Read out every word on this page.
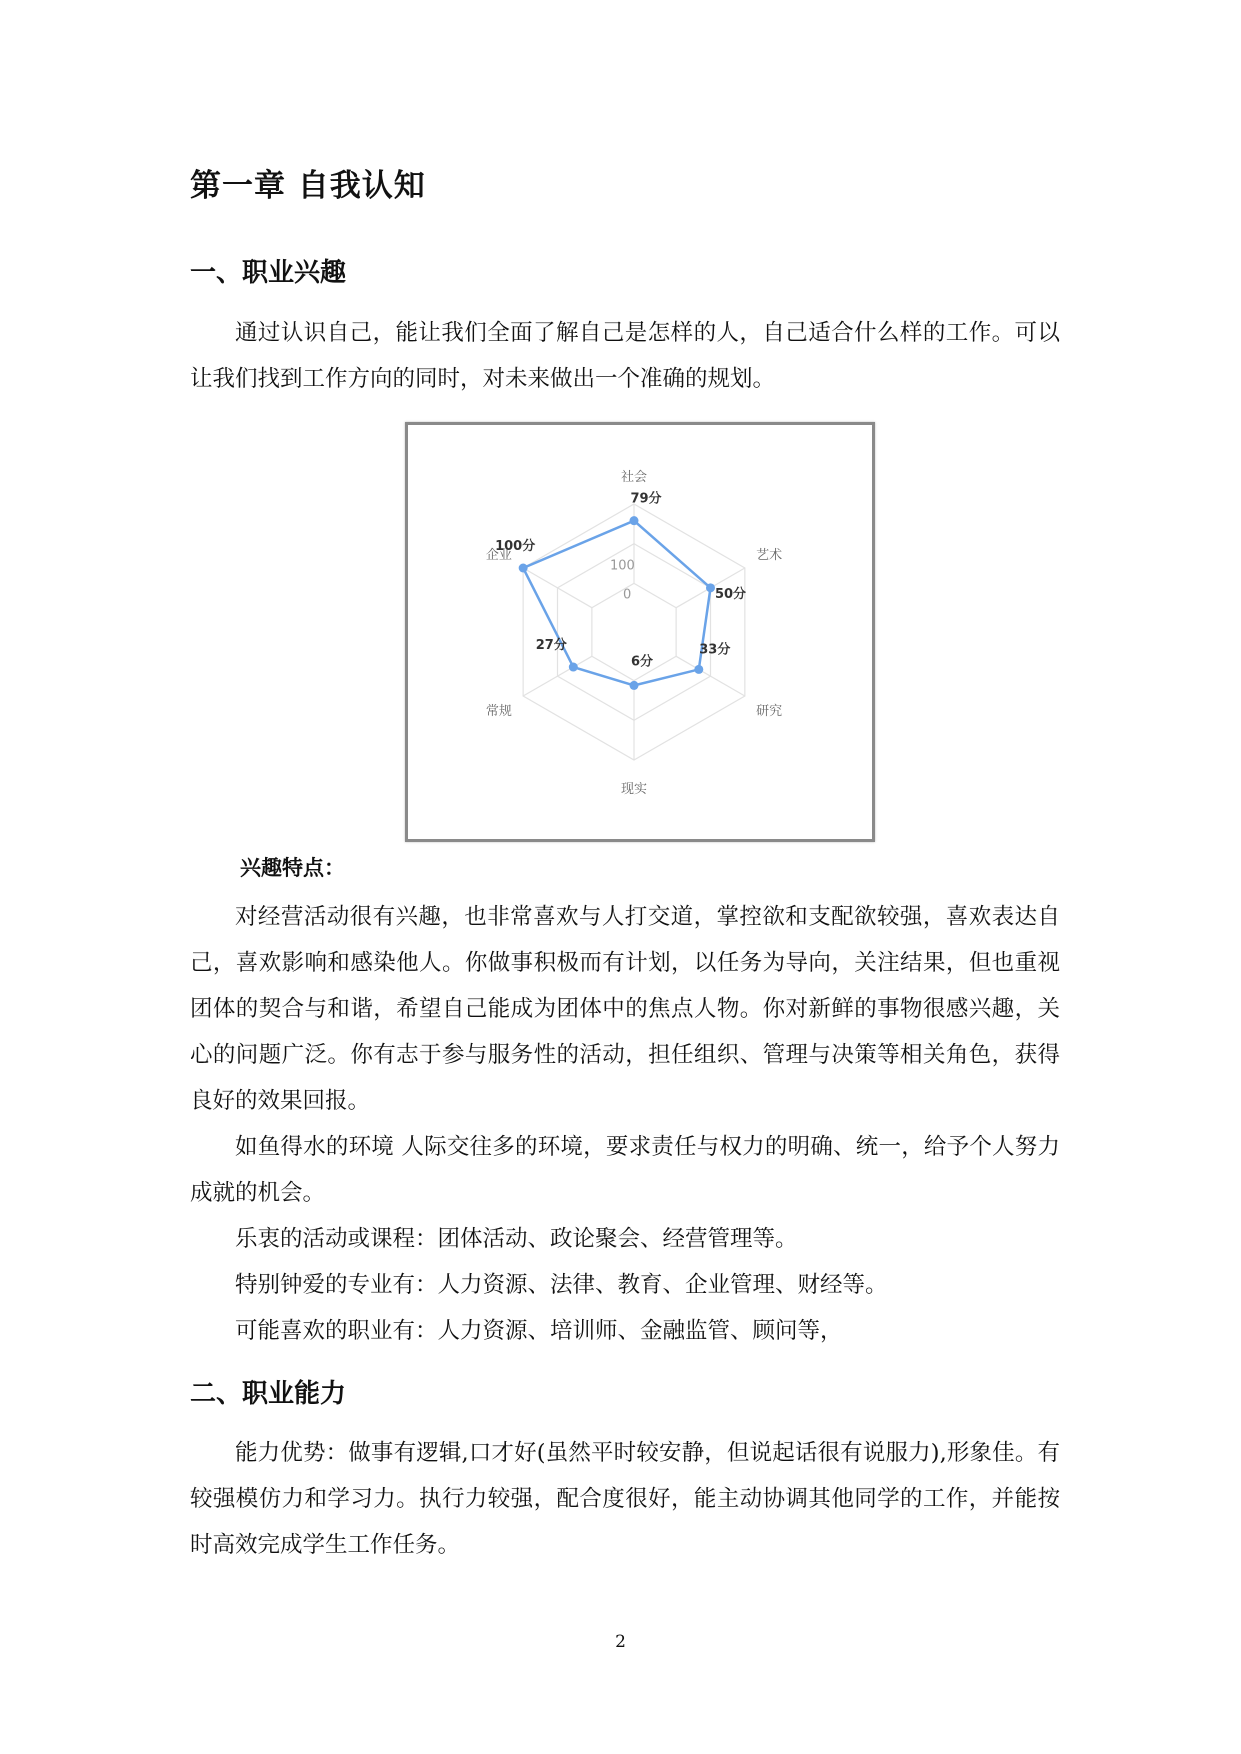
第一章 自我认知
一、职业兴趣

通过认识自己，能让我们全面了解自己是怎样的人，自己适合什么样的工作。可以让我们找到工作方向的同时，对未来做出一个准确的规划。

社会
艺术
研究
现实
常规
企业
100
0
79分
50分
33分
6分
27分
100分
兴趣特点：

对经营活动很有兴趣，也非常喜欢与人打交道，掌控欲和支配欲较强，喜欢表达自己，喜欢影响和感染他人。你做事积极而有计划，以任务为导向，关注结果，但也重视团体的契合与和谐，希望自己能成为团体中的焦点人物。你对新鲜的事物很感兴趣，关心的问题广泛。你有志于参与服务性的活动，担任组织、管理与决策等相关角色，获得良好的效果回报。

如鱼得水的环境 人际交往多的环境，要求责任与权力的明确、统一，给予个人努力成就的机会。

乐衷的活动或课程：团体活动、政论聚会、经营管理等。

特别钟爱的专业有：人力资源、法律、教育、企业管理、财经等。

可能喜欢的职业有：人力资源、培训师、金融监管、顾问等，

二、职业能力

能力优势：做事有逻辑,口才好(虽然平时较安静，但说起话很有说服力),形象佳。有较强模仿力和学习力。执行力较强，配合度很好，能主动协调其他同学的工作，并能按时高效完成学生工作任务。

2
